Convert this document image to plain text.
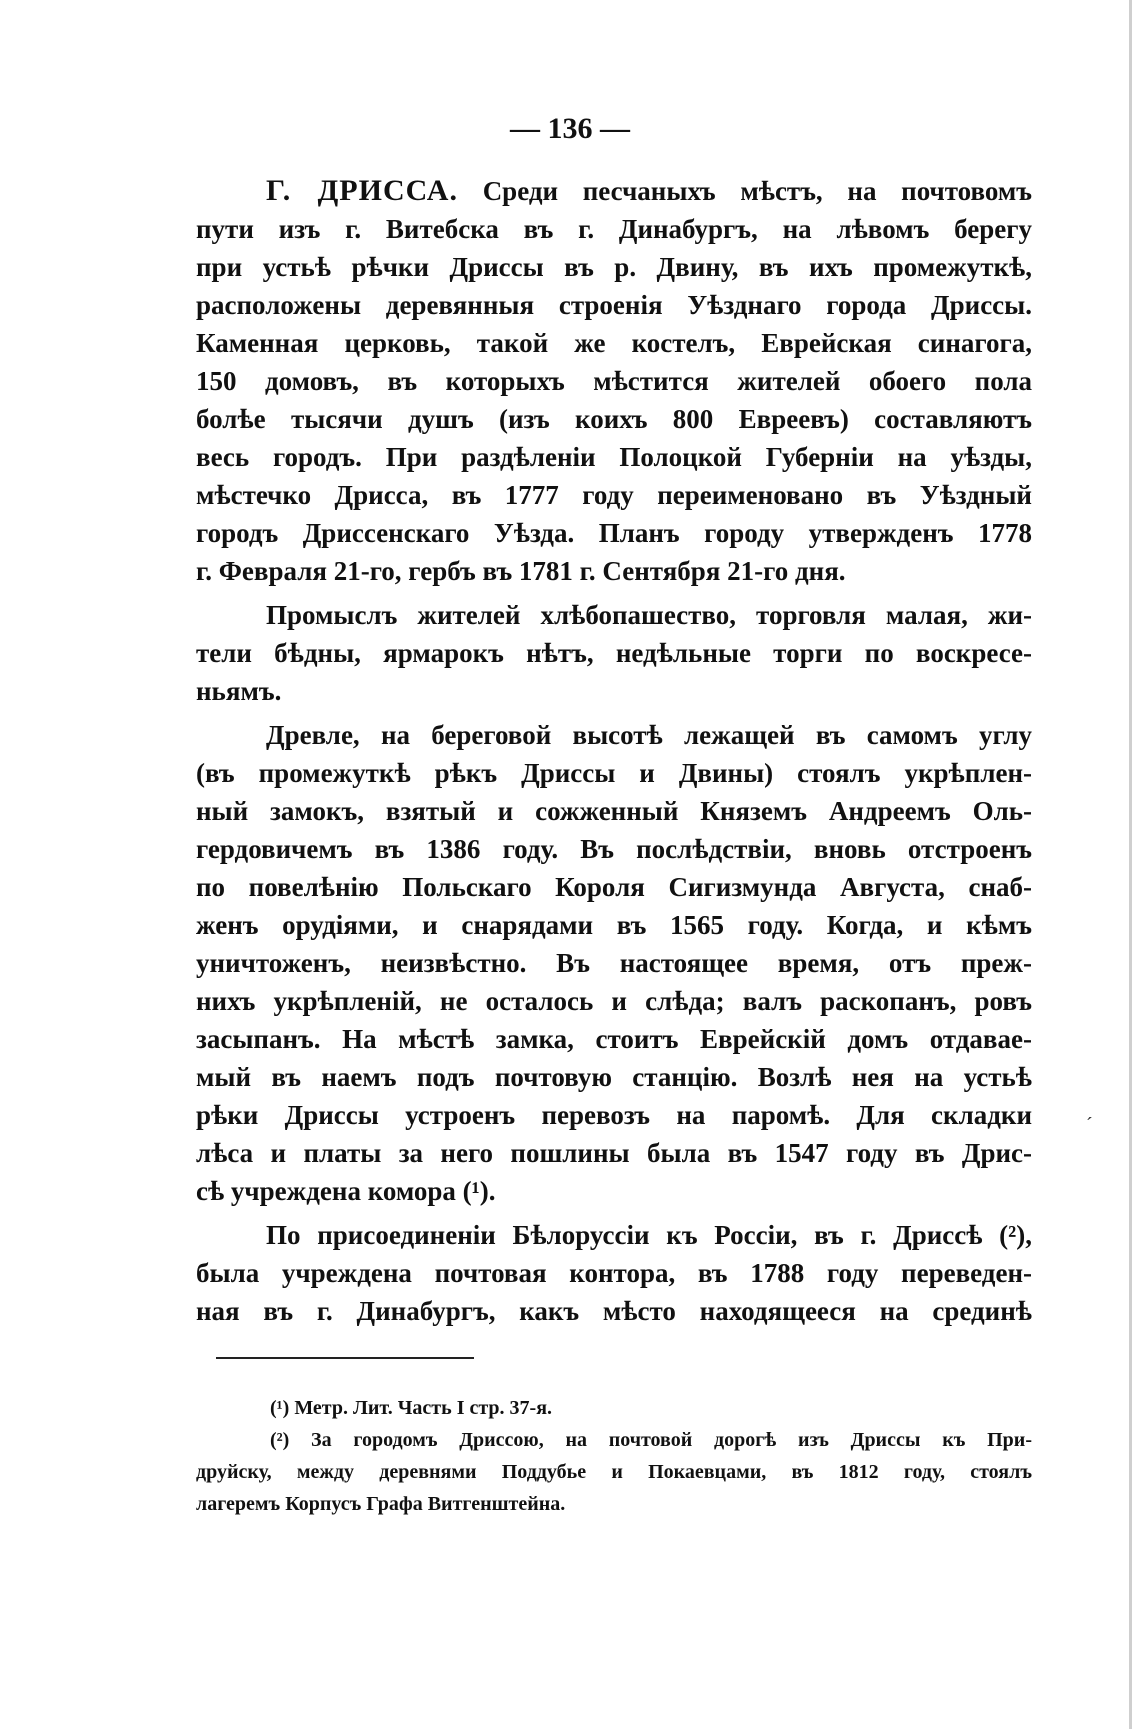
— 136 —
Г. ДРИССА. Среди песчаныхъ мѣстъ, на почтовомъ
пути изъ г. Витебска въ г. Динабургъ, на лѣвомъ берегу
при устьѣ рѣчки Дриссы въ р. Двину, въ ихъ промежуткѣ,
расположены деревянныя строенія Уѣзднаго города Дриссы.
Каменная церковь, такой же костелъ, Еврейская синагога,
150 домовъ, въ которыхъ мѣстится жителей обоего пола
болѣе тысячи душъ (изъ коихъ 800 Евреевъ) составляютъ
весь городъ. При раздѣленіи Полоцкой Губерніи на уѣзды,
мѣстечко Дрисса, въ 1777 году переименовано въ Уѣздный
городъ Дриссенскаго Уѣзда. Планъ городу утвержденъ 1778
г. Февраля 21-го, гербъ въ 1781 г. Сентября 21-го дня.
Промыслъ жителей хлѣбопашество, торговля малая, жи-
тели бѣдны, ярмарокъ нѣтъ, недѣльные торги по воскресе-
ньямъ.
Древле, на береговой высотѣ лежащей въ самомъ углу
(въ промежуткѣ рѣкъ Дриссы и Двины) стоялъ укрѣплен-
ный замокъ, взятый и сожженный Княземъ Андреемъ Оль-
гердовичемъ въ 1386 году. Въ послѣдствіи, вновь отстроенъ
по повелѣнію Польскаго Короля Сигизмунда Августа, снаб-
женъ орудіями, и снарядами въ 1565 году. Когда, и кѣмъ
уничтоженъ, неизвѣстно. Въ настоящее время, отъ преж-
нихъ укрѣпленій, не осталось и слѣда; валъ раскопанъ, ровъ
засыпанъ. На мѣстѣ замка, стоитъ Еврейскій домъ отдавае-
мый въ наемъ подъ почтовую станцію. Возлѣ нея на устьѣ
рѣки Дриссы устроенъ перевозъ на паромѣ. Для складки
лѣса и платы за него пошлины была въ 1547 году въ Дрис-
сѣ учреждена комора (¹).
По присоединеніи Бѣлоруссіи къ Россіи, въ г. Дриссѣ (²),
была учреждена почтовая контора, въ 1788 году переведен-
ная въ г. Динабургъ, какъ мѣсто находящееся на срединѣ
(¹) Метр. Лит. Часть I стр. 37-я.
(²) За городомъ Дриссою, на почтовой дорогѣ изъ Дриссы къ При-
друйску, между деревнями Поддубье и Покаевцами, въ 1812 году, стоялъ
лагеремъ Корпусъ Графа Витгенштейна.
ˊ
